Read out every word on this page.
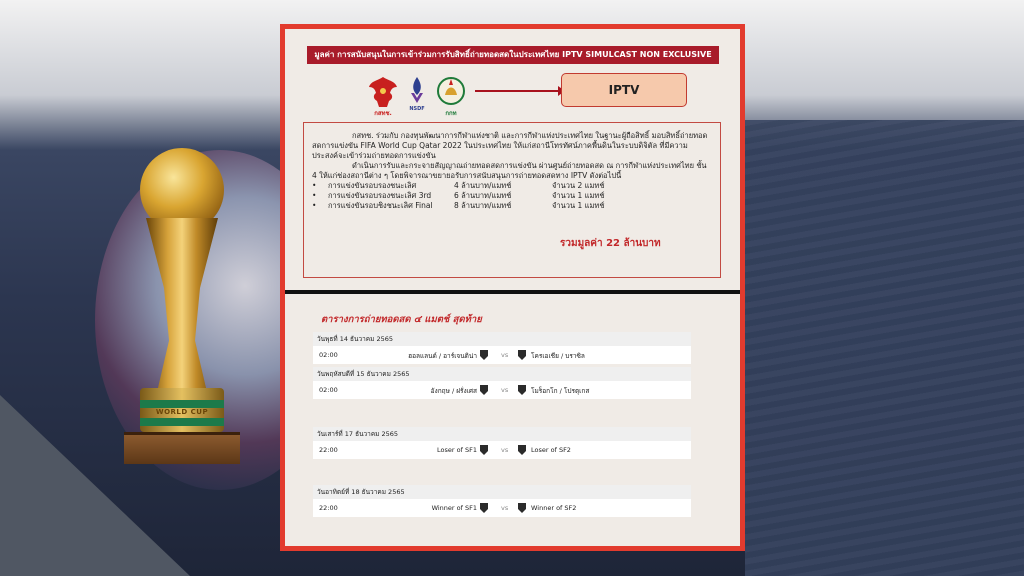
WORLD CUP
มูลค่า การสนับสนุนในการเข้าร่วมการรับสิทธิ์ถ่ายทอดสดในประเทศไทย IPTV SIMULCAST NON EXCLUSIVE
กสทช.
NSDF
กกท
IPTV
กสทช. ร่วมกับ กองทุนพัฒนาการกีฬาแห่งชาติ และการกีฬาแห่งประเทศไทย ในฐานะผู้ถือสิทธิ์ มอบสิทธิ์ถ่ายทอดสดการแข่งขัน FIFA World Cup Qatar 2022 ในประเทศไทย ให้แก่สถานีโทรทัศน์ภาคพื้นดินในระบบดิจิตัล ที่มีความประสงค์จะเข้าร่วมถ่ายทอดการแข่งขัน
ดำเนินการรับและกระจายสัญญาณถ่ายทอดสดการแข่งขัน ผ่านศูนย์ถ่ายทอดสด ณ การกีฬาแห่งประเทศไทย ชั้น 4 ให้แก่ช่องสถานีต่าง ๆ โดยพิจารณาขยายอรับการสนับสนุนการถ่ายทอดสดทาง IPTV ดังต่อไปนี้
• การแข่งขันรอบรองชนะเลิศ	4 ล้านบาท/แมทช์	จำนวน 2 แมทช์
• การแข่งขันรอบรองชนะเลิศ 3rd	6 ล้านบาท/แมทช์	จำนวน 1 แมทช์
• การแข่งขันรอบชิงชนะเลิศ Final	8 ล้านบาท/แมทช์	จำนวน 1 แมทช์
รวมมูลค่า 22 ล้านบาท
ตารางการถ่ายทอดสด ๔ แมตช์ สุดท้าย
วันพุธที่ 14 ธันวาคม 2565
02:00	ฮอลแลนด์ / อาร์เจนติน่า	vs	โครเอเชีย / บราซิล
วันพฤหัสบดีที่ 15 ธันวาคม 2565
02:00	อังกฤษ / ฝรั่งเศส	vs	โมร็อกโก / โปรตุเกส
วันเสาร์ที่ 17 ธันวาคม 2565
22:00	Loser of SF1	vs	Loser of SF2
วันอาทิตย์ที่ 18 ธันวาคม 2565
22:00	Winner of SF1	vs	Winner of SF2
